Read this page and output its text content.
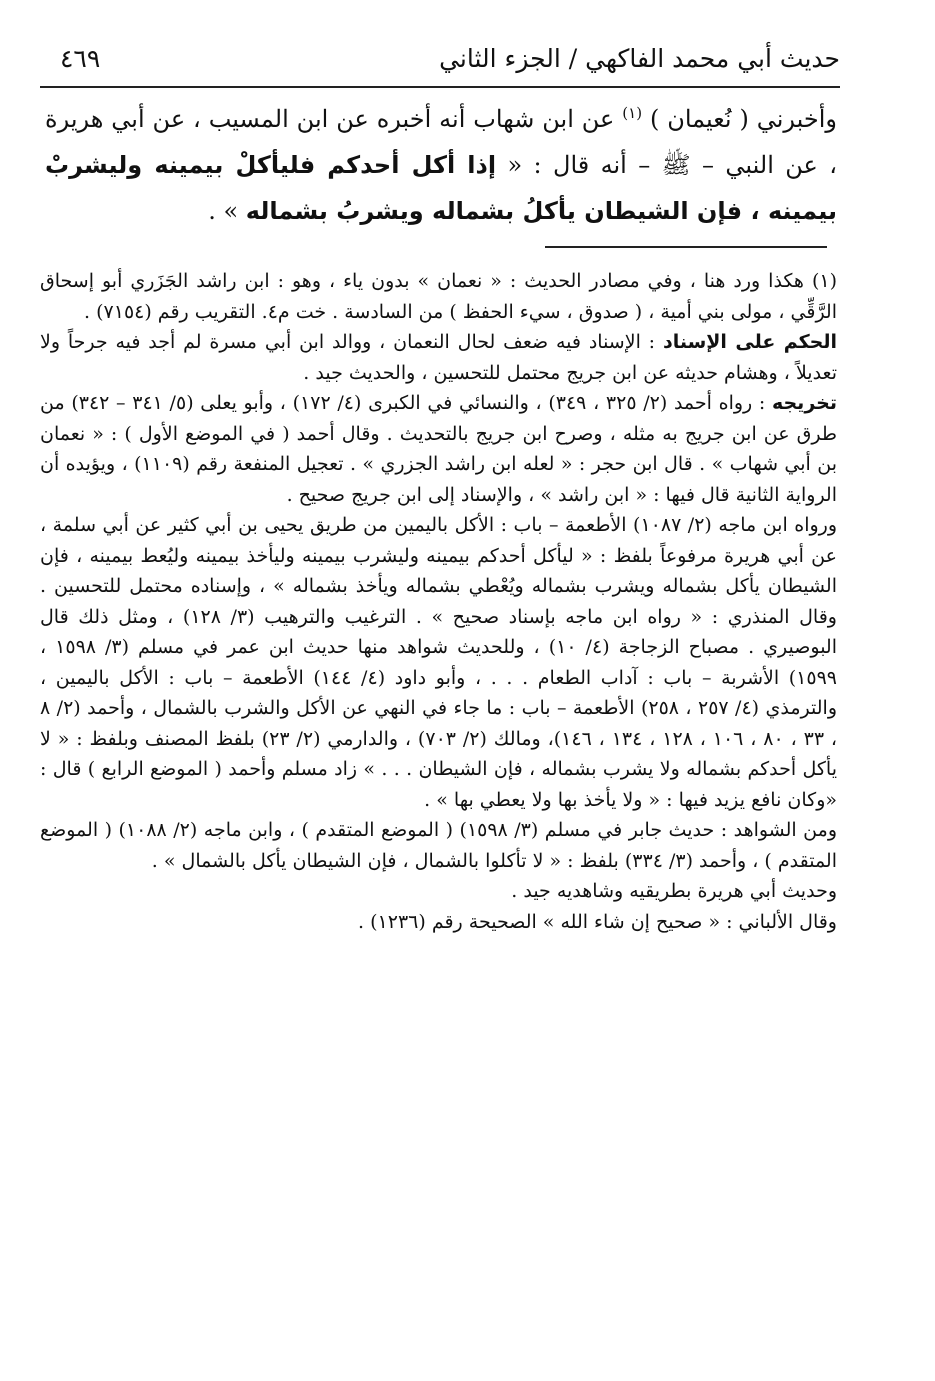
حديث أبي محمد الفاكهي / الجزء الثاني
٤٦٩
وأخبرني ( نُعيمان ) $^{(١)}$ عن ابن شهاب أنه أخبره عن ابن المسيب ، عن أبي هريرة ، عن النبي – ﷺ – أنه قال : « إذا أكل أحدكم فليأكلْ بيمينه وليشربْ بيمينه ، فإن الشيطان يأكلُ بشماله ويشربُ بشماله » .

(١) هكذا ورد هنا ، وفي مصادر الحديث : « نعمان » بدون ياء ، وهو : ابن راشد الجَزَري أبو إسحاق الرَّقِّي ، مولى بني أمية ، ( صدوق ، سيء الحفظ ) من السادسة . خت م٤. التقريب رقم (٧١٥٤) .

الحكم على الإسناد : الإسناد فيه ضعف لحال النعمان ، ووالد ابن أبي مسرة لم أجد فيه جرحاً ولا تعديلاً ، وهشام حديثه عن ابن جريج محتمل للتحسين ، والحديث جيد .

تخريجه : رواه أحمد (٢/ ٣٢٥ ، ٣٤٩) ، والنسائي في الكبرى (٤/ ١٧٢) ، وأبو يعلى (٥/ ٣٤١ – ٣٤٢) من طرق عن ابن جريج به مثله ، وصرح ابن جريج بالتحديث . وقال أحمد ( في الموضع الأول ) : « نعمان بن أبي شهاب » . قال ابن حجر : « لعله ابن راشد الجزري » . تعجيل المنفعة رقم (١١٠٩) ، ويؤيده أن الرواية الثانية قال فيها : « ابن راشد » ، والإسناد إلى ابن جريج صحيح .

ورواه ابن ماجه (٢/ ١٠٨٧) الأطعمة – باب : الأكل باليمين من طريق يحيى بن أبي كثير عن أبي سلمة ، عن أبي هريرة مرفوعاً بلفظ : « ليأكل أحدكم بيمينه وليشرب بيمينه وليأخذ بيمينه وليُعط بيمينه ، فإن الشيطان يأكل بشماله ويشرب بشماله ويُعْطي بشماله ويأخذ بشماله » ، وإسناده محتمل للتحسين . وقال المنذري : « رواه ابن ماجه بإسناد صحيح » . الترغيب والترهيب (٣/ ١٢٨) ، ومثل ذلك قال البوصيري . مصباح الزجاجة (٤/ ١٠) ، وللحديث شواهد منها حديث ابن عمر في مسلم (٣/ ١٥٩٨ ، ١٥٩٩) الأشربة – باب : آداب الطعام . . . ، وأبو داود (٤/ ١٤٤) الأطعمة – باب : الأكل باليمين ، والترمذي (٤/ ٢٥٧ ، ٢٥٨) الأطعمة – باب : ما جاء في النهي عن الأكل والشرب بالشمال ، وأحمد (٢/ ٨ ، ٣٣ ، ٨٠ ، ١٠٦ ، ١٢٨ ، ١٣٤ ، ١٤٦)، ومالك (٢/ ٧٠٣) ، والدارمي (٢/ ٢٣) بلفظ المصنف وبلفظ : « لا يأكل أحدكم بشماله ولا يشرب بشماله ، فإن الشيطان . . . » زاد مسلم وأحمد ( الموضع الرابع ) قال : «وكان نافع يزيد فيها : « ولا يأخذ بها ولا يعطي بها » .

ومن الشواهد : حديث جابر في مسلم (٣/ ١٥٩٨) ( الموضع المتقدم ) ، وابن ماجه (٢/ ١٠٨٨) ( الموضع المتقدم ) ، وأحمد (٣/ ٣٣٤) بلفظ : « لا تأكلوا بالشمال ، فإن الشيطان يأكل بالشمال » .

وحديث أبي هريرة بطريقيه وشاهديه جيد .

وقال الألباني : « صحيح إن شاء الله » الصحيحة رقم (١٢٣٦) .
